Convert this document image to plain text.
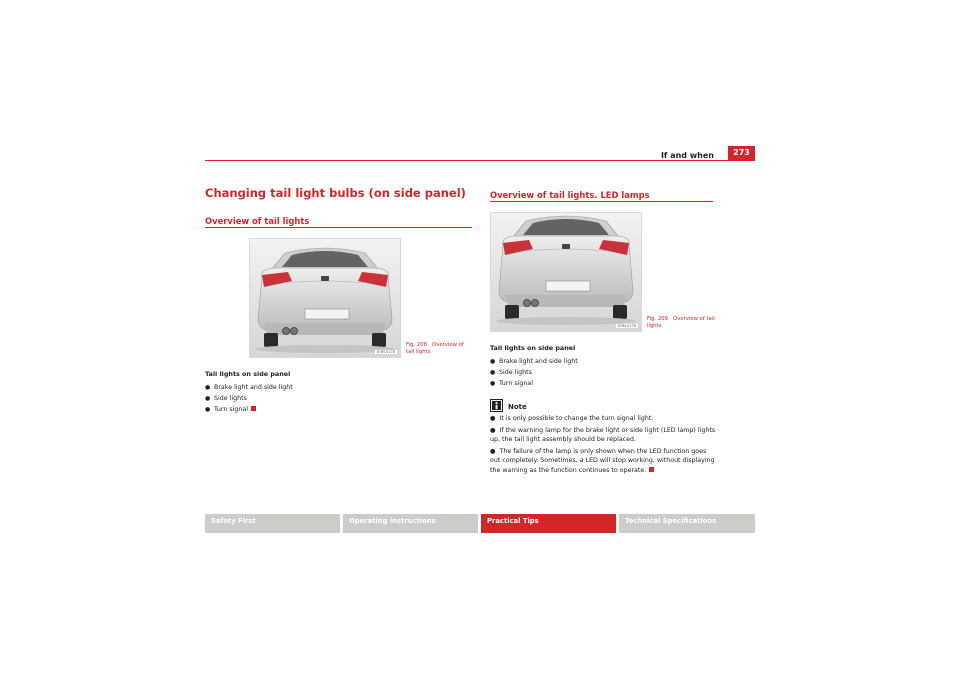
If and when	273
Changing tail light bulbs (on side panel)
Overview of tail lights
B3M-0178
Fig. 208 Overview of tail lights
Tail lights on side panel
● Brake light and side light
● Side lights
● Turn signal
Overview of tail lights. LED lamps
B3M-0178
Fig. 209 Overview of tail lights
Tail lights on side panel
● Brake light and side light
● Side lights
● Turn signal
Note
● It is only possible to change the turn signal light.
● If the warning lamp for the brake light or side light (LED lamp) lights up, the tail light assembly should be replaced.
● The failure of the lamp is only shown when the LED function goes out completely. Sometimes, a LED will stop working, without displaying the warning as the function continues to operate.
Safety First	Operating instructions	Practical Tips	Technical Specifications
